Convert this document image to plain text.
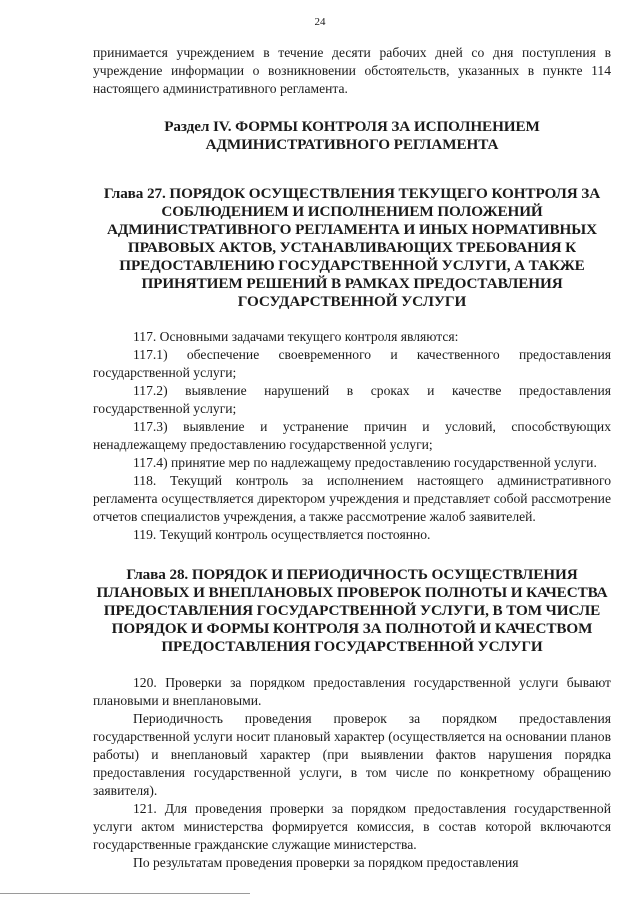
24

принимается учреждением в течение десяти рабочих дней со дня поступления в учреждение информации о возникновении обстоятельств, указанных в пункте 114 настоящего административного регламента.

Раздел IV. ФОРМЫ КОНТРОЛЯ ЗА ИСПОЛНЕНИЕМ АДМИНИСТРАТИВНОГО РЕГЛАМЕНТА
Глава 27. ПОРЯДОК ОСУЩЕСТВЛЕНИЯ ТЕКУЩЕГО КОНТРОЛЯ ЗА СОБЛЮДЕНИЕМ И ИСПОЛНЕНИЕМ ПОЛОЖЕНИЙ АДМИНИСТРАТИВНОГО РЕГЛАМЕНТА И ИНЫХ НОРМАТИВНЫХ ПРАВОВЫХ АКТОВ, УСТАНАВЛИВАЮЩИХ ТРЕБОВАНИЯ К ПРЕДОСТАВЛЕНИЮ ГОСУДАРСТВЕННОЙ УСЛУГИ, А ТАКЖЕ ПРИНЯТИЕМ РЕШЕНИЙ В РАМКАХ ПРЕДОСТАВЛЕНИЯ ГОСУДАРСТВЕННОЙ УСЛУГИ

117. Основными задачами текущего контроля являются:

117.1) обеспечение своевременного и качественного предоставления государственной услуги;

117.2) выявление нарушений в сроках и качестве предоставления государственной услуги;

117.3) выявление и устранение причин и условий, способствующих ненадлежащему предоставлению государственной услуги;

117.4) принятие мер по надлежащему предоставлению государственной услуги.

118. Текущий контроль за исполнением настоящего административного регламента осуществляется директором учреждения и представляет собой рассмотрение отчетов специалистов учреждения, а также рассмотрение жалоб заявителей.

119. Текущий контроль осуществляется постоянно.

Глава 28. ПОРЯДОК И ПЕРИОДИЧНОСТЬ ОСУЩЕСТВЛЕНИЯ ПЛАНОВЫХ И ВНЕПЛАНОВЫХ ПРОВЕРОК ПОЛНОТЫ И КАЧЕСТВА ПРЕДОСТАВЛЕНИЯ ГОСУДАРСТВЕННОЙ УСЛУГИ, В ТОМ ЧИСЛЕ ПОРЯДОК И ФОРМЫ КОНТРОЛЯ ЗА ПОЛНОТОЙ И КАЧЕСТВОМ ПРЕДОСТАВЛЕНИЯ ГОСУДАРСТВЕННОЙ УСЛУГИ

120. Проверки за порядком предоставления государственной услуги бывают плановыми и внеплановыми.

Периодичность проведения проверок за порядком предоставления государственной услуги носит плановый характер (осуществляется на основании планов работы) и внеплановый характер (при выявлении фактов нарушения порядка предоставления государственной услуги, в том числе по конкретному обращению заявителя).

121. Для проведения проверки за порядком предоставления государственной услуги актом министерства формируется комиссия, в состав которой включаются государственные гражданские служащие министерства.

По результатам проведения проверки за порядком предоставления
